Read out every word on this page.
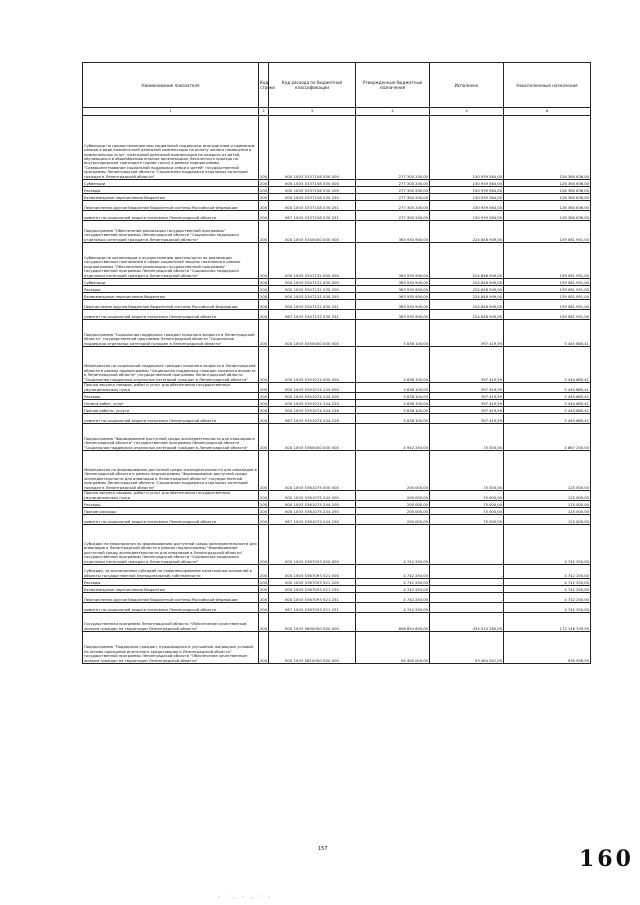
Наименование показателя	Код строки	Код расхода по бюджетной классификации	Утвержденные бюджетные назначения	Исполнено	Неисполненные назначения
1	2	3	4	5	6
Субвенции по предоставлению мер социальной поддержки многодетным и приемным семьям в виде ежемесячной денежной компенсации на оплату жилого помещения и коммунальных услуг, ежегодной денежной компенсации на каждого из детей, обучающихся в общеобразовательных организациях, бесплатного проезда на внутригородском транспорте (кроме такси) в рамках подпрограммы "Совершенствование социальной поддержки семьи и детей" государственной программы Ленинградской области "Социальная поддержка отдельных категорий граждан в Ленинградской области"	200	000 1003 5337158 000 000	277 300 200,00	150 939 564,00	126 360 636,00
Субвенции	200	000 1003 5337158 530 000	277 300 200,00	150 939 564,00	126 360 636,00
Расходы	200	000 1003 5337158 530 200	277 300 200,00	150 939 564,00	126 360 636,00
Безвозмездные перечисления бюджетам	200	000 1003 5337158 530 250	277 300 200,00	150 939 564,00	126 360 636,00
Перечисления другим бюджетам бюджетной системы Российской Федерации	200	000 1003 5337158 530 251	277 300 200,00	150 939 564,00	126 360 636,00
комитет по социальной защите населения Ленинградской области	200	987 1003 5337158 530 251	277 300 200,00	150 939 564,00	126 360 636,00
Подпрограмма "Обеспечение реализации государственной программы" государственной программы Ленинградской области "Социальная поддержка отдельных категорий граждан в Ленинградской области"	200	000 1003 5340000 000 000	363 930 900,00	224 848 949,00	139 081 951,00
Субвенции по организации и осуществлению деятельности по реализации государственных полномочий в сфере социальной защиты населения в рамках подпрограммы "Обеспечение реализации государственной программы" государственной программы Ленинградской области "Социальная поддержка отдельных категорий граждан в Ленинградской области"	200	000 1003 5347132 000 000	363 930 900,00	224 848 949,00	139 081 951,00
Субвенции	200	000 1003 5347132 530 000	363 930 900,00	224 848 949,00	139 081 951,00
Расходы	200	000 1003 5347132 530 200	363 930 900,00	224 848 949,00	139 081 951,00
Безвозмездные перечисления бюджетам	200	000 1003 5347132 530 250	363 930 900,00	224 848 949,00	139 081 951,00
Перечисления другим бюджетам бюджетной системы Российской Федерации	200	000 1003 5347132 530 251	363 930 900,00	224 848 949,00	139 081 951,00
комитет по социальной защите населения Ленинградской области	200	987 1003 5347132 530 251	363 930 900,00	224 848 949,00	139 081 951,00
Подпрограмма "Социальная поддержка граждан пожилого возраста в Ленинградской области" государственной программы Ленинградской области "Социальная поддержка отдельных категорий граждан в Ленинградской области"	200	000 1003 5350000 000 000	5 838 100,00	397 419,59	5 440 680,41
Мероприятия по социальной поддержке граждан пожилого возраста в Ленинградской области в рамках подпрограммы "Социальная поддержка граждан пожилого возраста в Ленинградской области" государственной программы Ленинградской области "Социальная поддержка отдельных категорий граждан в Ленинградской области"	200	000 1003 5351074 000 000	5 838 100,00	397 419,59	5 440 680,41
Прочая закупка товаров, работ и услуг для обеспечения государственных (муниципальных) нужд	200	000 1003 5351074 244 000	5 838 100,00	397 419,59	5 440 680,41
Расходы	200	000 1003 5351074 244 200	5 838 100,00	397 419,59	5 440 680,41
Оплата работ, услуг	200	000 1003 5351074 244 220	5 838 100,00	397 419,59	5 440 680,41
Прочие работы, услуги	200	000 1003 5351074 244 226	5 838 100,00	397 419,59	5 440 680,41
комитет по социальной защите населения Ленинградской области	200	987 1003 5351074 244 226	5 838 100,00	397 419,59	5 440 680,41
Подпрограмма "Формирование доступной среды жизнедеятельности для инвалидов в Ленинградской области" государственной программы Ленинградской области "Социальная поддержка отдельных категорий граждан в Ленинградской области"	200	000 1003 5360000 000 000	4 942 250,00	75 000,00	4 867 250,00
Мероприятия по формированию доступной среды жизнедеятельности для инвалидов в Ленинградской области в рамках подпрограммы "Формирование доступной среды жизнедеятельности для инвалидов в Ленинградской области" государственной программы Ленинградской области "Социальная поддержка отдельных категорий граждан в Ленинградской области"	200	000 1003 5361075 000 000	200 000,00	75 000,00	125 000,00
Прочая закупка товаров, работ и услуг для обеспечения государственных (муниципальных) нужд	200	000 1003 5361075 244 000	200 000,00	75 000,00	125 000,00
Расходы	200	000 1003 5361075 244 200	200 000,00	75 000,00	125 000,00
Прочие расходы	200	000 1003 5361075 244 290	200 000,00	75 000,00	125 000,00
комитет по социальной защите населения Ленинградской области	200	987 1003 5361075 244 290	200 000,00	75 000,00	125 000,00
Субсидии на мероприятия по формированию доступной среды жизнедеятельности для инвалидов в Ленинградской области в рамках подпрограммы "Формирование доступной среды жизнедеятельности для инвалидов в Ленинградской области" государственной программы Ленинградской области "Социальная поддержка отдельных категорий граждан в Ленинградской области"	200	000 1003 5367093 000 000	4 742 250,00	-	4 742 250,00
Субсидии, за исключением субсидий на софинансирование капитальных вложений в объекты государственной (муниципальной) собственности	200	000 1003 5367093 521 000	4 742 250,00	-	4 742 250,00
Расходы	200	000 1003 5367093 521 200	4 742 250,00	-	4 742 250,00
Безвозмездные перечисления бюджетам	200	000 1003 5367093 521 250	4 742 250,00	-	4 742 250,00
Перечисления другим бюджетам бюджетной системы Российской Федерации	200	000 1003 5367093 521 251	4 742 250,00	-	4 742 250,00
комитет по социальной защите населения Ленинградской области	200	987 1003 5367093 521 251	4 742 250,00	-	4 742 250,00
Государственная программа Ленинградской области "Обеспечение качественным жильем граждан на территории Ленинградской области"	200	000 1003 5600000 000 000	606 654 600,00	434 510 260,05	172 146 339,95
Подпрограмма "Поддержка граждан, нуждающихся в улучшении жилищных условий, на основе принципов ипотечного кредитования в Ленинградской области" государственной программы Ленинградской области "Обеспечение качественным жильем граждан на территории Ленинградской области"	200	000 1003 5610000 000 000	94 400 000,00	93 464 041,05	935 958,95
157	160
